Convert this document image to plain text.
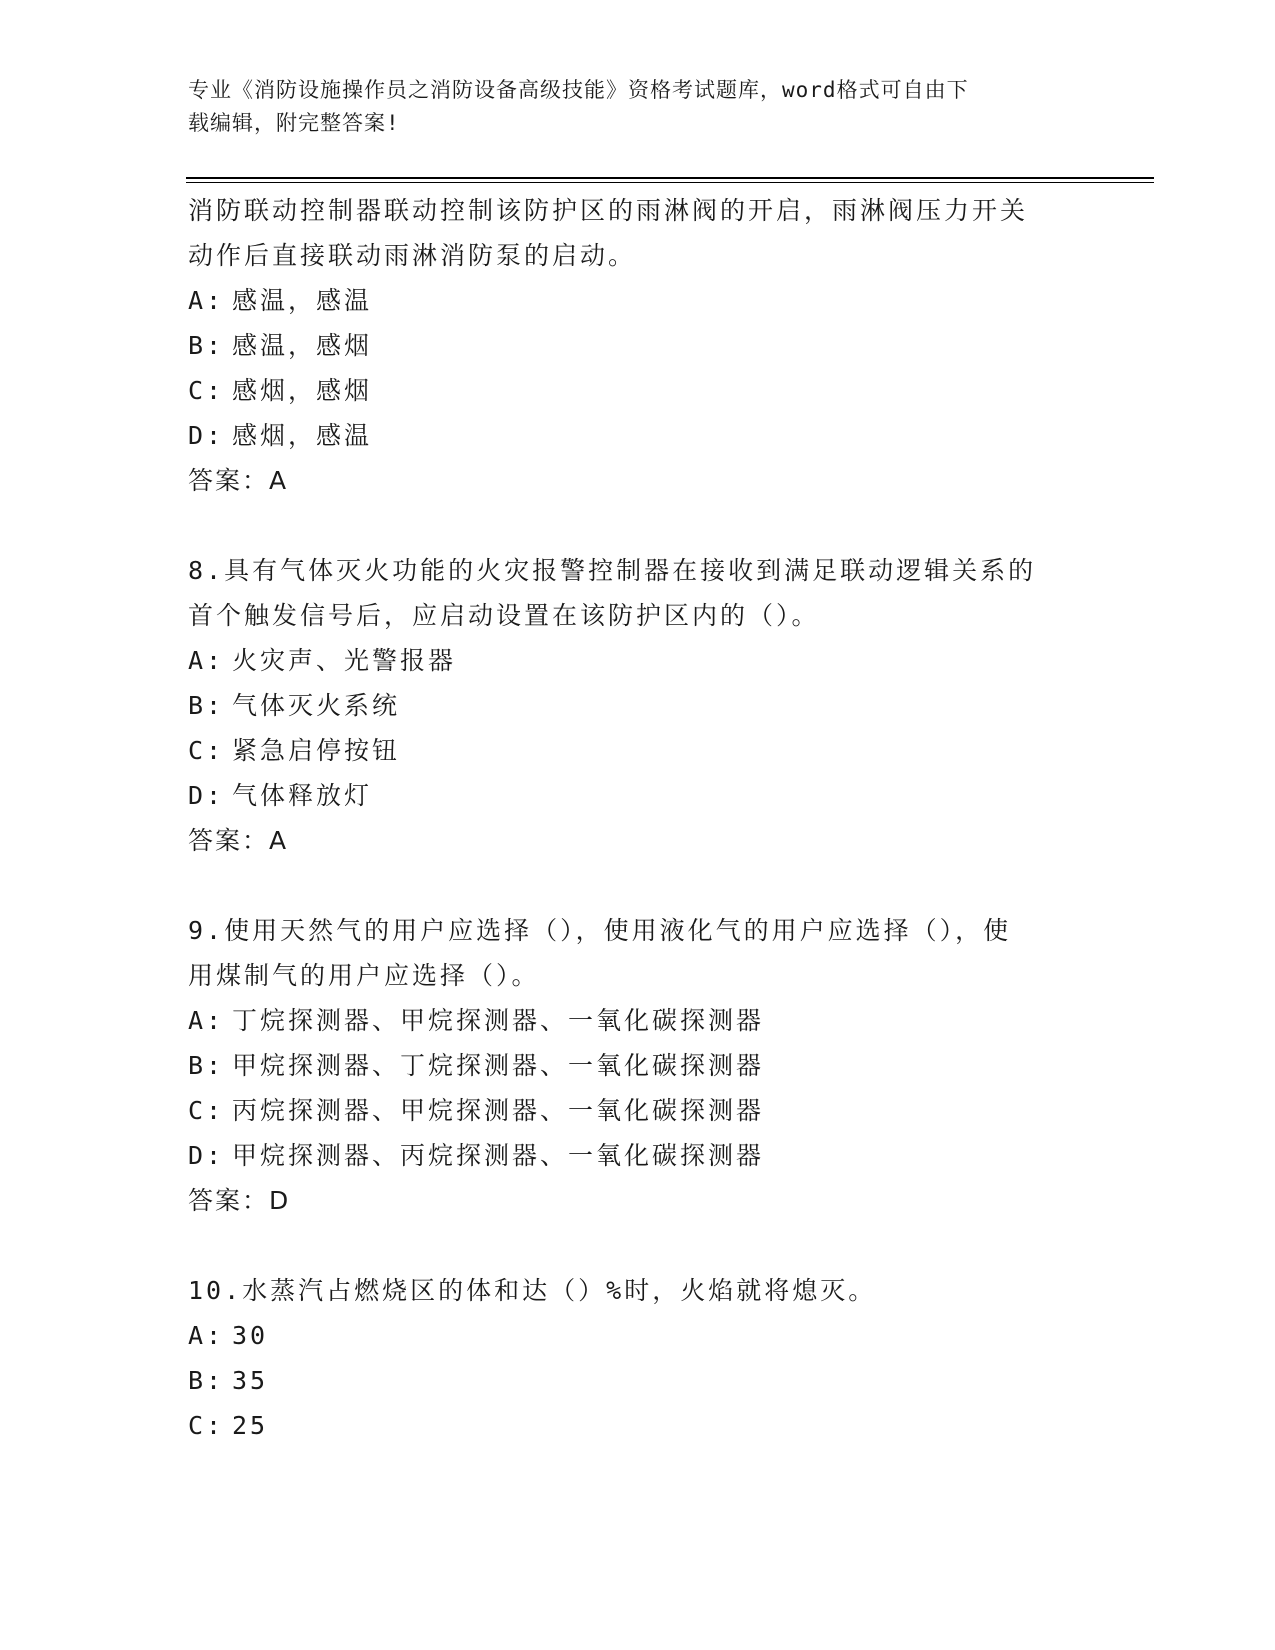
专业《消防设施操作员之消防设备高级技能》资格考试题库，word格式可自由下
载编辑，附完整答案!

消防联动控制器联动控制该防护区的雨淋阀的开启，雨淋阀压力开关

动作后直接联动雨淋消防泵的启动。

A: 感温，感温

B: 感温，感烟

C: 感烟，感烟

D: 感烟，感温

答案：A

8.具有气体灭火功能的火灾报警控制器在接收到满足联动逻辑关系的

首个触发信号后，应启动设置在该防护区内的（）。

A: 火灾声、光警报器

B: 气体灭火系统

C: 紧急启停按钮

D: 气体释放灯

答案：A

9.使用天然气的用户应选择（），使用液化气的用户应选择（），使

用煤制气的用户应选择（）。

A: 丁烷探测器、甲烷探测器、一氧化碳探测器

B: 甲烷探测器、丁烷探测器、一氧化碳探测器

C: 丙烷探测器、甲烷探测器、一氧化碳探测器

D: 甲烷探测器、丙烷探测器、一氧化碳探测器

答案：D

10.水蒸汽占燃烧区的体和达（）%时，火焰就将熄灭。

A: 30

B: 35

C: 25
